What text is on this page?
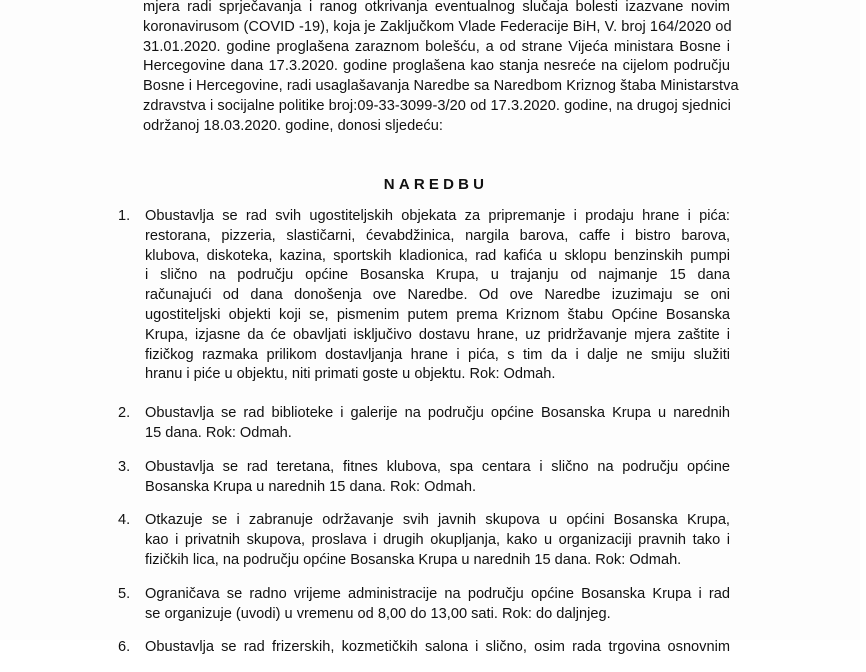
mjera radi sprječavanja i ranog otkrivanja eventualnog slučaja bolesti izazvane novim
koronavirusom (COVID -19), koja je Zaključkom Vlade Federacije BiH, V. broj 164/2020 od
31.01.2020. godine proglašena zaraznom bolešću, a od strane Vijeća ministara Bosne i
Hercegovine dana 17.3.2020. godine proglašena kao stanja nesreće na cijelom području
Bosne i Hercegovine, radi usaglašavanja Naredbe sa Naredbom Kriznog štaba Ministarstva
zdravstva i socijalne politike broj:09-33-3099-3/20 od 17.3.2020. godine, na drugoj sjednici
održanoj 18.03.2020. godine, donosi sljedeću:
NAREDBU
1. Obustavlja se rad svih ugostiteljskih objekata za pripremanje i prodaju hrane i pića:
restorana, pizzeria, slastičarni, ćevabdžinica, nargila barova, caffe i bistro barova,
klubova, diskoteka, kazina, sportskih kladionica, rad kafića u sklopu benzinskih pumpi
i slično na području općine Bosanska Krupa, u trajanju od najmanje 15 dana
računajući od dana donošenja ove Naredbe. Od ove Naredbe izuzimaju se oni
ugostiteljski objekti koji se, pismenim putem prema Kriznom štabu Općine Bosanska
Krupa, izjasne da će obavljati isključivo dostavu hrane, uz pridržavanje mjera zaštite i
fizičkog razmaka prilikom dostavljanja hrane i pića, s tim da i dalje ne smiju služiti
hranu i piće u objektu, niti primati goste u objektu. Rok: Odmah.
2. Obustavlja se rad biblioteke i galerije na području općine Bosanska Krupa u narednih
15 dana. Rok: Odmah.
3. Obustavlja se rad teretana, fitnes klubova, spa centara i slično na području općine
Bosanska Krupa u narednih 15 dana. Rok: Odmah.
4. Otkazuje se i zabranuje održavanje svih javnih skupova u općini Bosanska Krupa,
kao i privatnih skupova, proslava i drugih okupljanja, kako u organizaciji pravnih tako i
fizičkih lica, na području općine Bosanska Krupa u narednih 15 dana. Rok: Odmah.
5. Ograničava se radno vrijeme administracije na području općine Bosanska Krupa i rad
se organizuje (uvodi) u vremenu od 8,00 do 13,00 sati. Rok: do daljnjeg.
6. Obustavlja se rad frizerskih, kozmetičkih salona i slično, osim rada trgovina osnovnim
